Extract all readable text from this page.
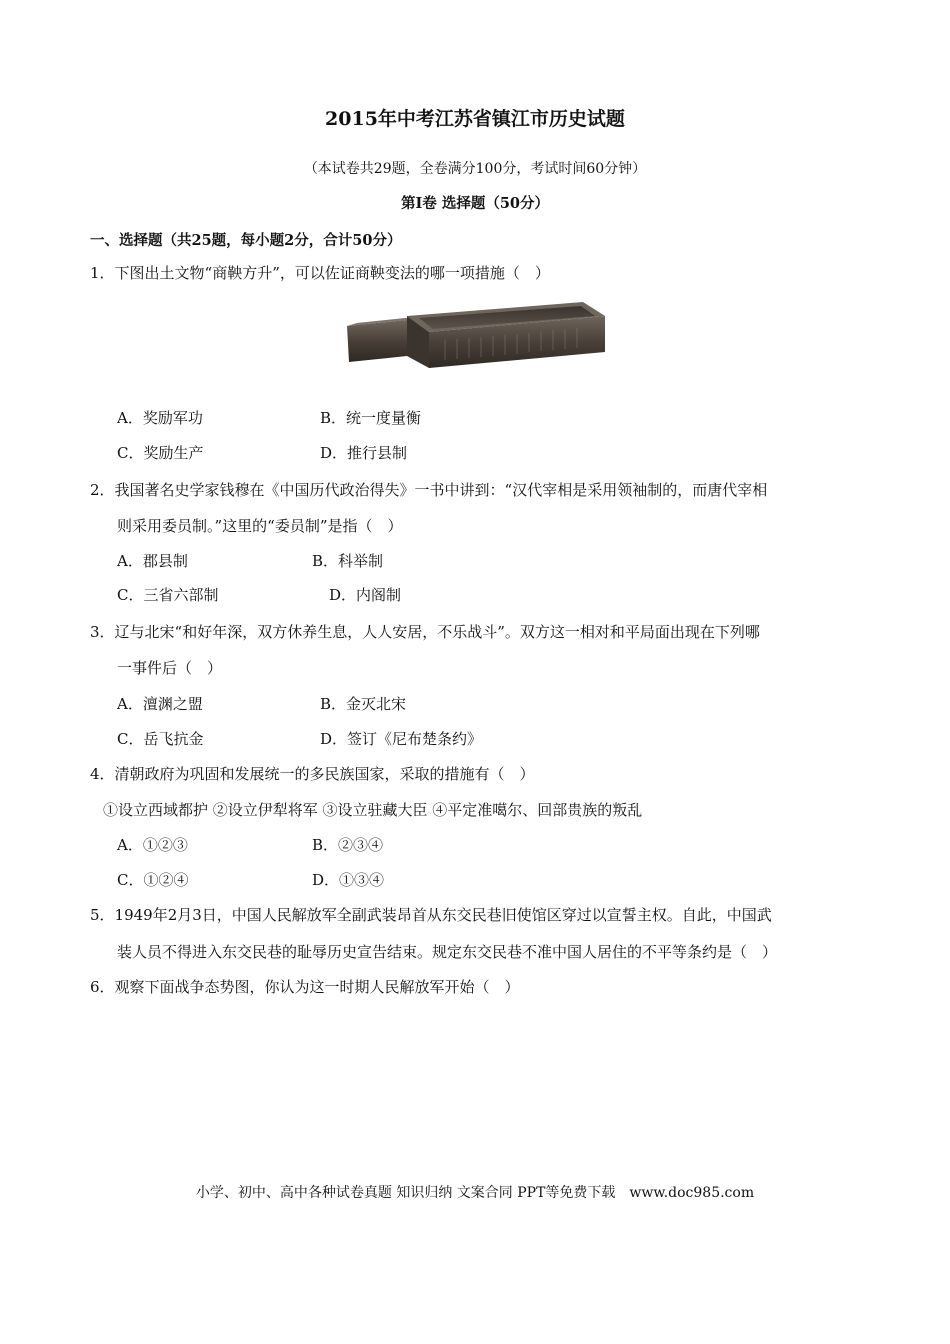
2015年中考江苏省镇江市历史试题
（本试卷共29题，全卷满分100分，考试时间60分钟）
第I卷 选择题（50分）
一、选择题（共25题，每小题2分，合计50分）
1．下图出土文物“商鞅方升”，可以佐证商鞅变法的哪一项措施（　）
A．奖励军功	B．统一度量衡
C．奖励生产	D．推行县制
2．我国著名史学家钱穆在《中国历代政治得失》一书中讲到：“汉代宰相是采用领袖制的，而唐代宰相
则采用委员制。”这里的“委员制”是指（　）
A．郡县制	B．科举制
C．三省六部制	D．内阁制
3．辽与北宋“和好年深，双方休养生息，人人安居，不乐战斗”。双方这一相对和平局面出现在下列哪
一事件后（　）
A．澶渊之盟	B．金灭北宋
C．岳飞抗金	D．签订《尼布楚条约》
4．清朝政府为巩固和发展统一的多民族国家，采取的措施有（　）
①设立西域都护 ②设立伊犁将军 ③设立驻藏大臣 ④平定准噶尔、回部贵族的叛乱
A．①②③	B．②③④
C．①②④	D．①③④
5．1949年2月3日，中国人民解放军全副武装昂首从东交民巷旧使馆区穿过以宣誓主权。自此，中国武
装人员不得进入东交民巷的耻辱历史宣告结束。规定东交民巷不准中国人居住的不平等条约是（　）
6．观察下面战争态势图，你认为这一时期人民解放军开始（　）
小学、初中、高中各种试卷真题 知识归纳 文案合同 PPT等免费下载　www.doc985.com
